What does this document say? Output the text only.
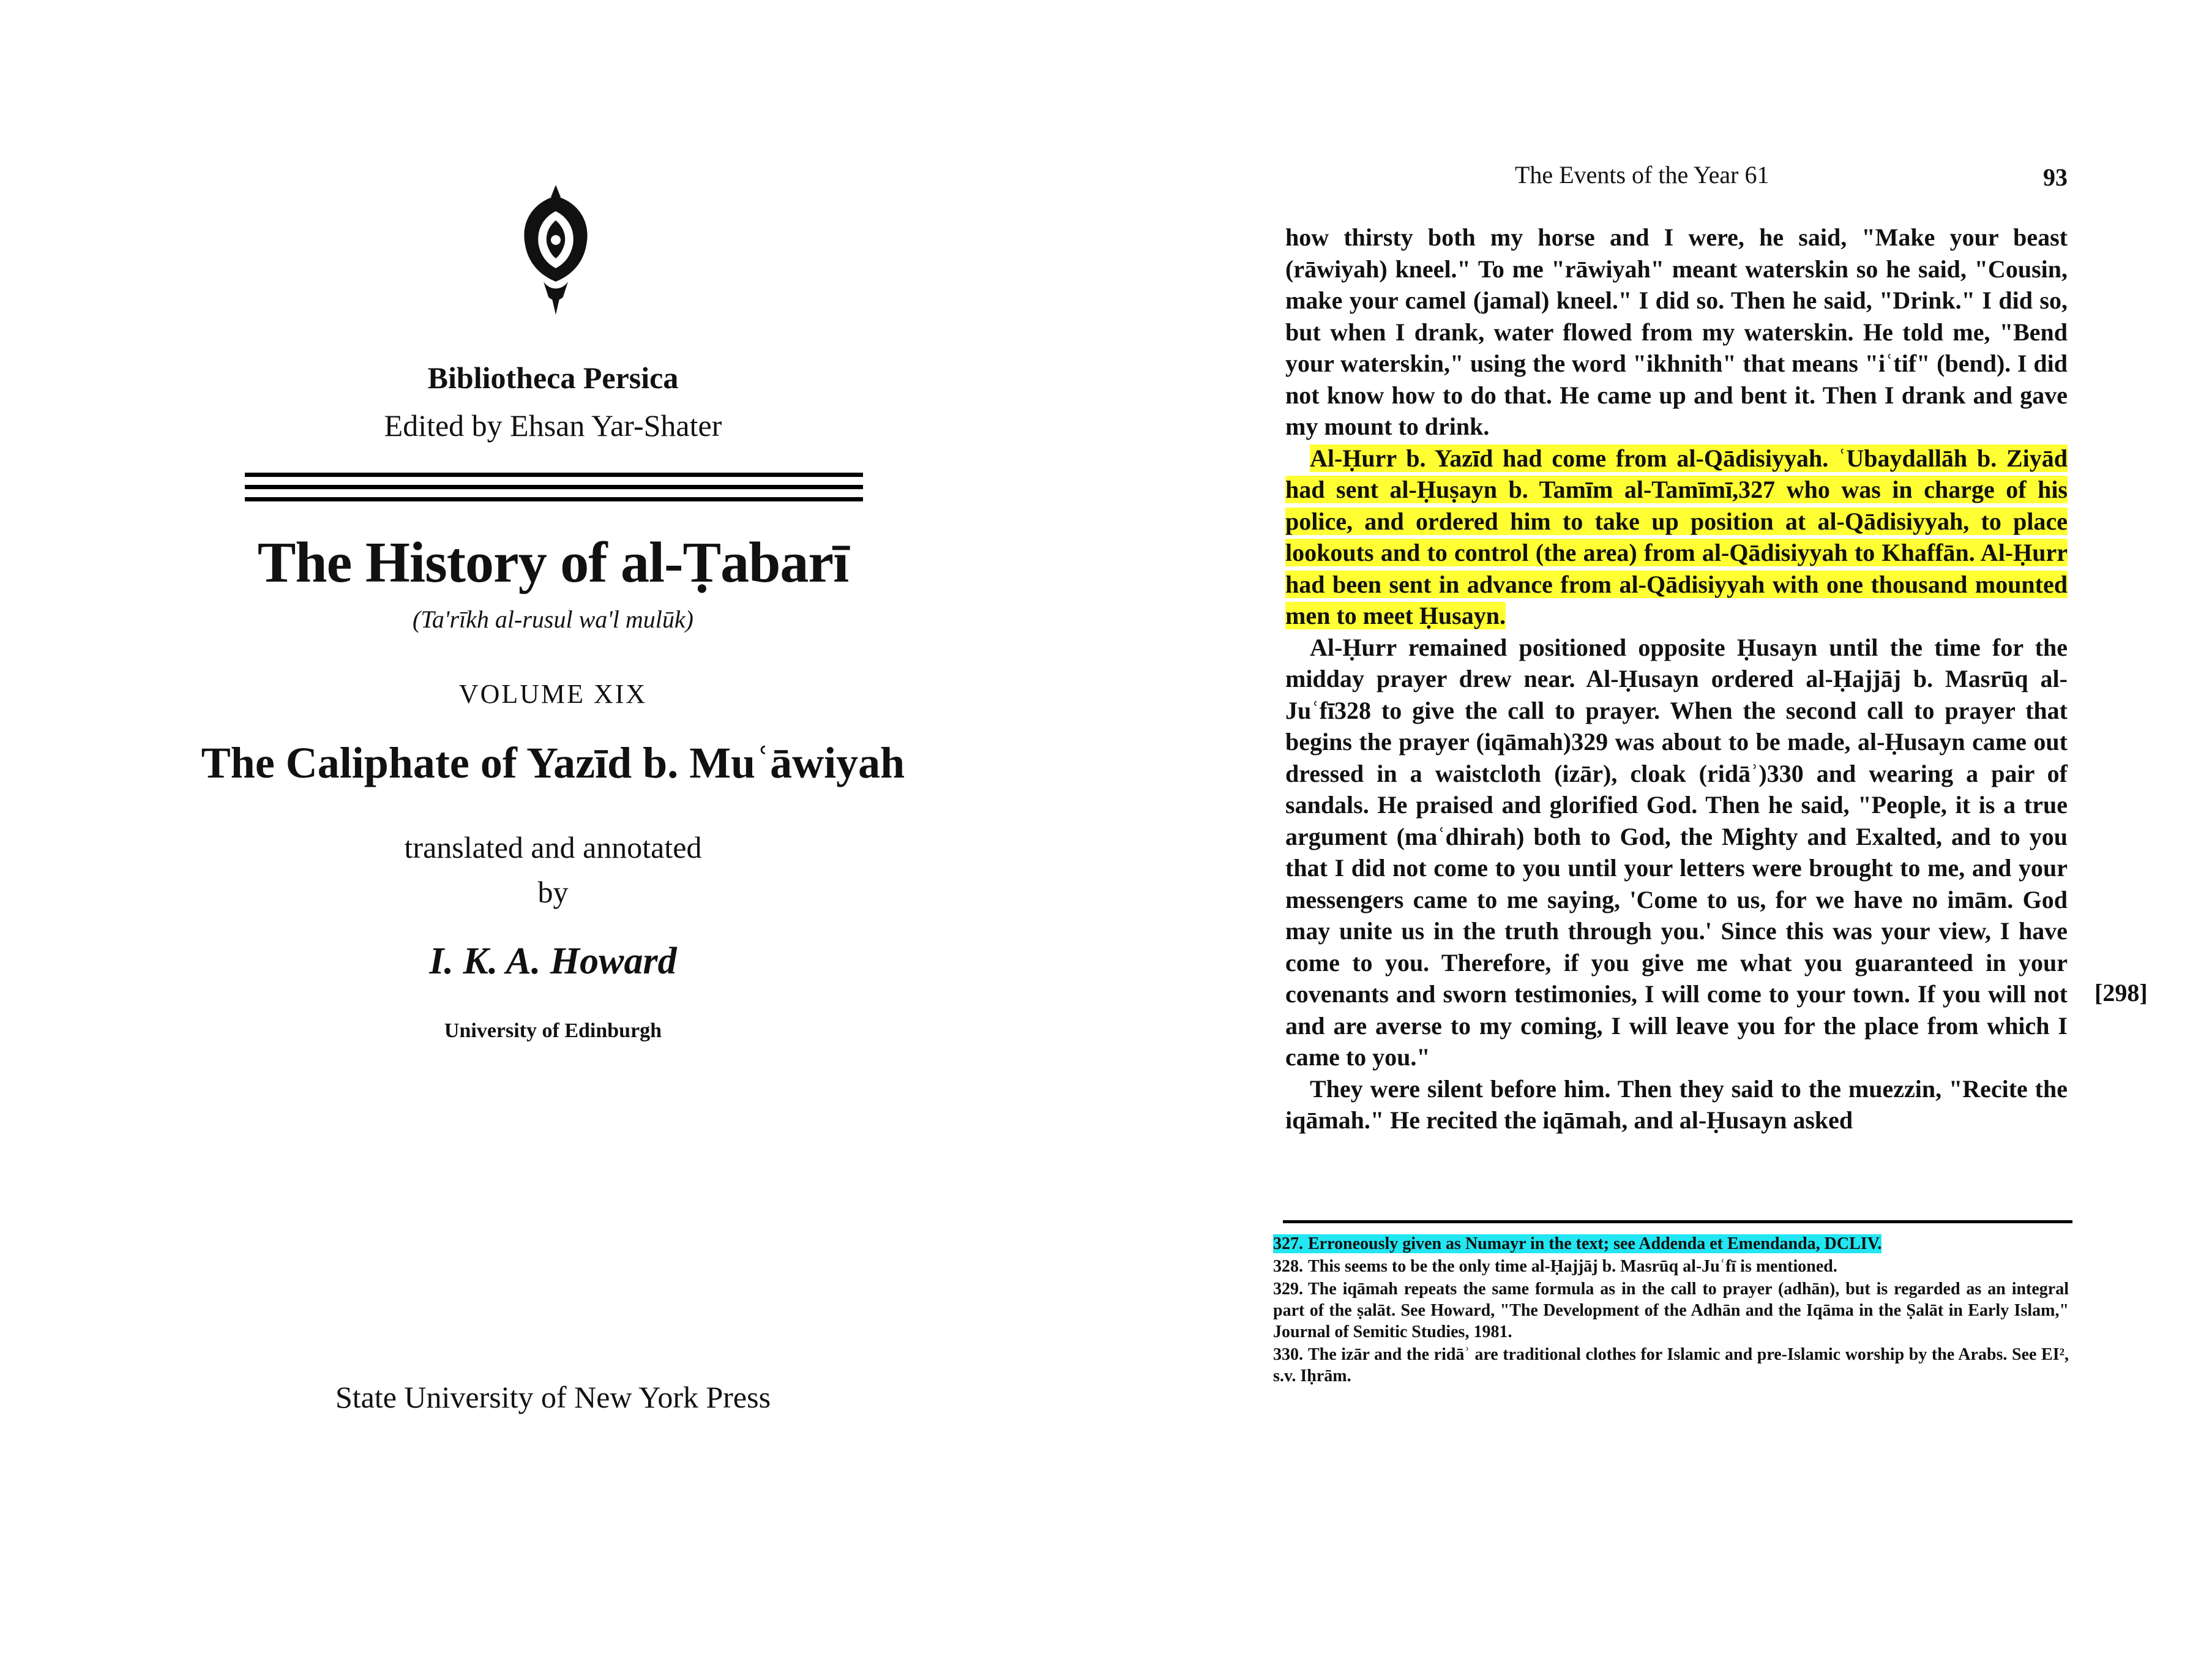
Bibliotheca Persica
Edited by Ehsan Yar-Shater
The History of al-Ṭabarī
(Ta'rīkh al-rusul wa'l mulūk)
VOLUME XIX
The Caliphate of Yazīd b. Muʿāwiyah
translated and annotated
by
I. K. A. Howard
University of Edinburgh
State University of New York Press
The Events of the Year 61	93

how thirsty both my horse and I were, he said, "Make your beast (rāwiyah) kneel." To me "rāwiyah" meant waterskin so he said, "Cousin, make your camel (jamal) kneel." I did so. Then he said, "Drink." I did so, but when I drank, water flowed from my waterskin. He told me, "Bend your waterskin," using the word "ikhnith" that means "iʿtif" (bend). I did not know how to do that. He came up and bent it. Then I drank and gave my mount to drink.

Al-Ḥurr b. Yazīd had come from al-Qādisiyyah. ʿUbaydallāh b. Ziyād had sent al-Ḥuṣayn b. Tamīm al-Tamīmī,327 who was in charge of his police, and ordered him to take up position at al-Qādisiyyah, to place lookouts and to control (the area) from al-Qādisiyyah to Khaffān. Al-Ḥurr had been sent in advance from al-Qādisiyyah with one thousand mounted men to meet Ḥusayn.

Al-Ḥurr remained positioned opposite Ḥusayn until the time for the midday prayer drew near. Al-Ḥusayn ordered al-Ḥajjāj b. Masrūq al-Juʿfī328 to give the call to prayer. When the second call to prayer that begins the prayer (iqāmah)329 was about to be made, al-Ḥusayn came out dressed in a waistcloth (izār), cloak (ridāʾ)330 and wearing a pair of sandals. He praised and glorified God. Then he said, "People, it is a true argument (maʿdhirah) both to God, the Mighty and Exalted, and to you that I did not come to you until your letters were brought to me, and your messengers came to me saying, 'Come to us, for we have no imām. God may unite us in the truth through you.' Since this was your view, I have come to you. Therefore, if you give me what you guaranteed in your covenants and sworn testimonies, I will come to your town. If you will not and are averse to my coming, I will leave you for the place from which I came to you."

They were silent before him. Then they said to the muezzin, "Recite the iqāmah." He recited the iqāmah, and al-Ḥusayn asked

[298]

327. Erroneously given as Numayr in the text; see Addenda et Emendanda, DCLIV.

328. This seems to be the only time al-Ḥajjāj b. Masrūq al-Juʿfī is mentioned.

329. The iqāmah repeats the same formula as in the call to prayer (adhān), but is regarded as an integral part of the ṣalāt. See Howard, "The Development of the Adhān and the Iqāma in the Ṣalāt in Early Islam," Journal of Semitic Studies, 1981.

330. The izār and the ridāʾ are traditional clothes for Islamic and pre-Islamic worship by the Arabs. See EI², s.v. Iḥrām.
